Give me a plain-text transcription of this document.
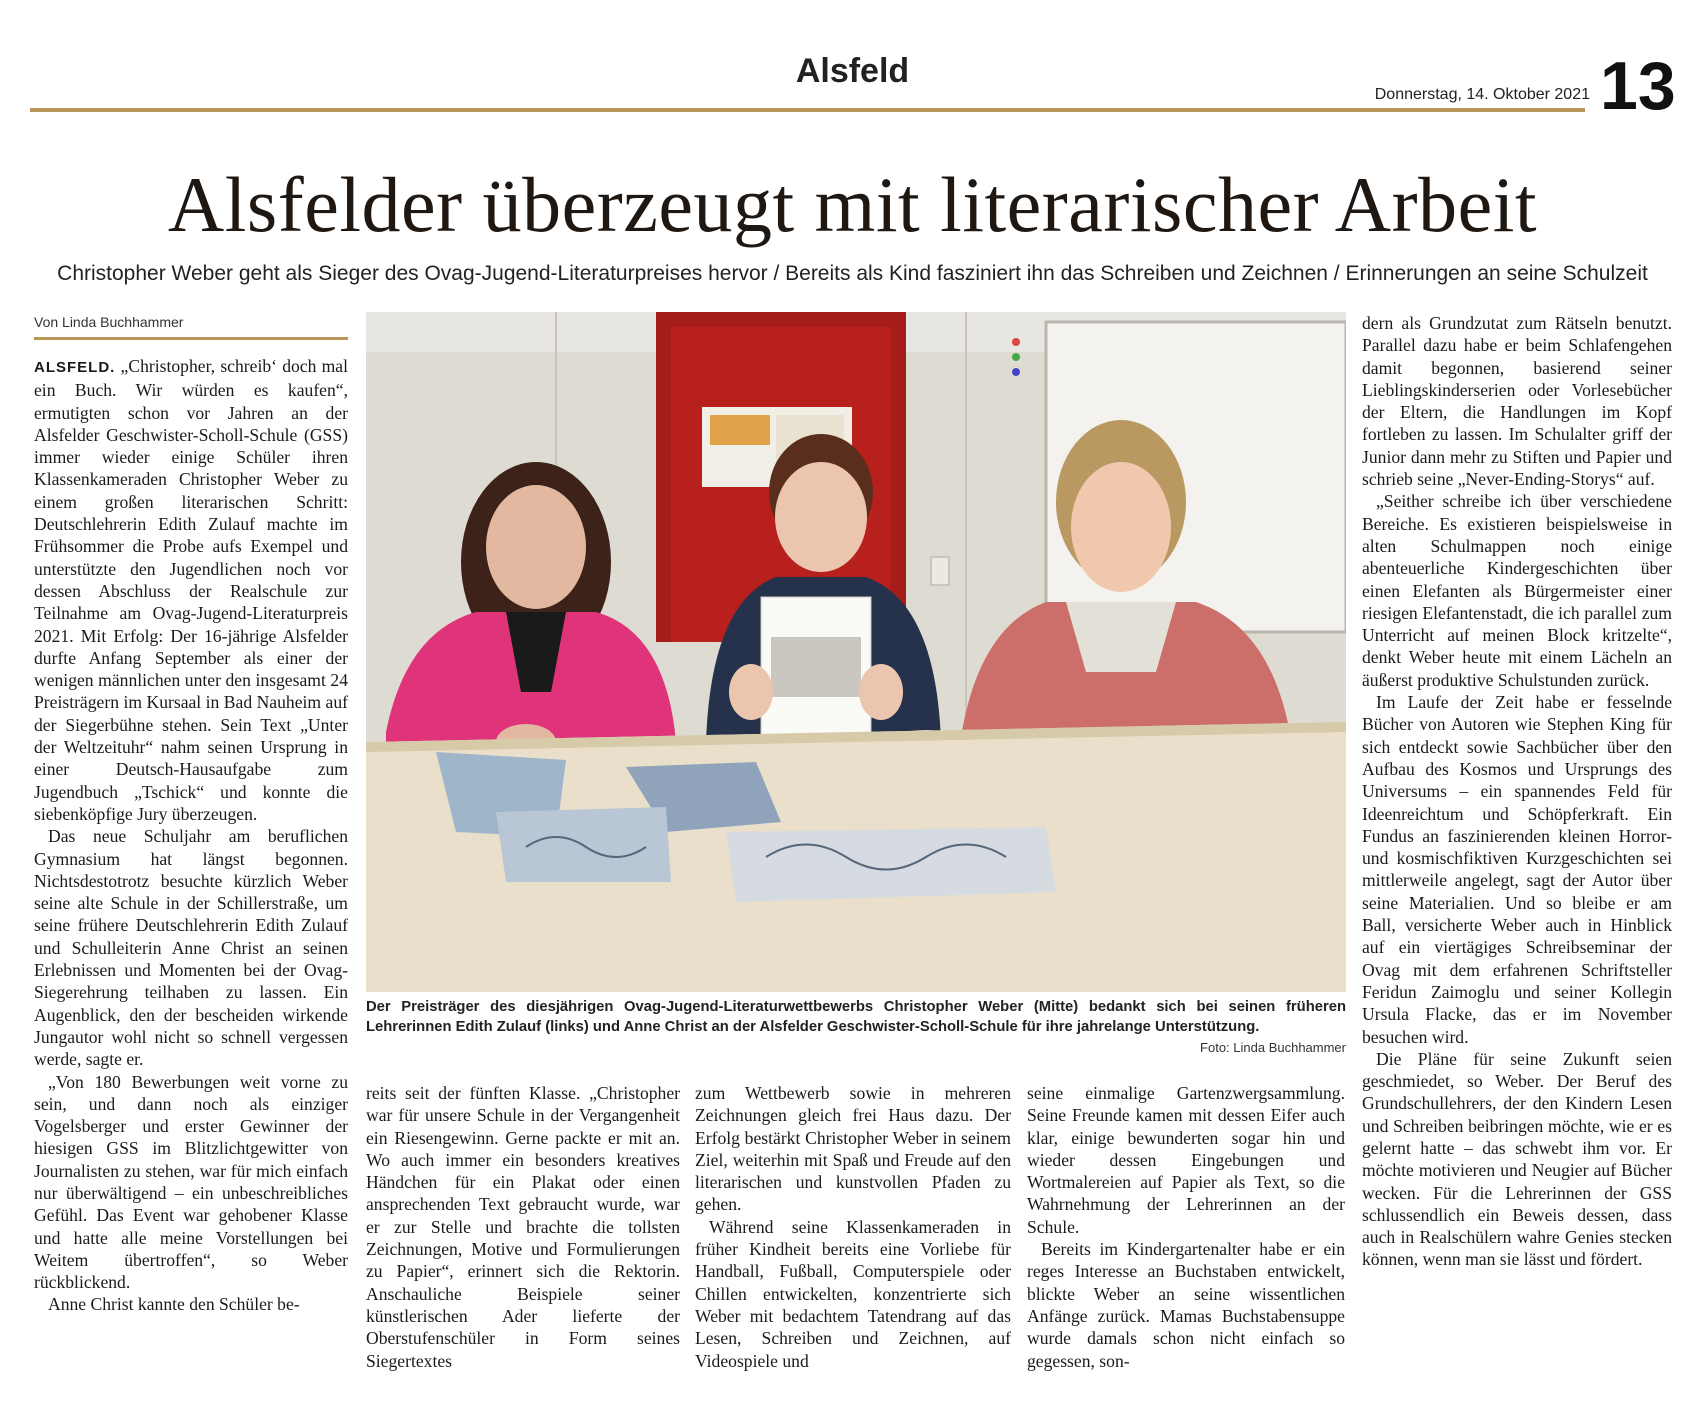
Alsfeld
Donnerstag, 14. Oktober 2021 13
Alsfelder überzeugt mit literarischer Arbeit
Christopher Weber geht als Sieger des Ovag-Jugend-Literaturpreises hervor / Bereits als Kind fasziniert ihn das Schreiben und Zeichnen / Erinnerungen an seine Schulzeit
Von Linda Buchhammer

ALSFELD. „Christopher, schreib‘ doch mal ein Buch. Wir würden es kaufen“, ermutigten schon vor Jahren an der Alsfelder Geschwister-Scholl-Schule (GSS) immer wieder einige Schüler ihren Klassenkameraden Christopher Weber zu einem großen literarischen Schritt: Deutschlehrerin Edith Zulauf machte im Frühsommer die Probe aufs Exempel und unterstützte den Jugendlichen noch vor dessen Abschluss der Realschule zur Teilnahme am Ovag-Jugend-Literaturpreis 2021. Mit Erfolg: Der 16-jährige Alsfelder durfte Anfang September als einer der wenigen männlichen unter den insgesamt 24 Preisträgern im Kursaal in Bad Nauheim auf der Siegerbühne stehen. Sein Text „Unter der Weltzeituhr“ nahm seinen Ursprung in einer Deutsch-Hausaufgabe zum Jugendbuch „Tschick“ und konnte die siebenköpfige Jury überzeugen.

Das neue Schuljahr am beruflichen Gymnasium hat längst begonnen. Nichtsdestotrotz besuchte kürzlich Weber seine alte Schule in der Schillerstraße, um seine frühere Deutschlehrerin Edith Zulauf und Schulleiterin Anne Christ an seinen Erlebnissen und Momenten bei der Ovag-Siegerehrung teilhaben zu lassen. Ein Augenblick, den der bescheiden wirkende Jungautor wohl nicht so schnell vergessen werde, sagte er.

„Von 180 Bewerbungen weit vorne zu sein, und dann noch als einziger Vogelsberger und erster Gewinner der hiesigen GSS im Blitzlichtgewitter von Journalisten zu stehen, war für mich einfach nur überwältigend – ein unbeschreibliches Gefühl. Das Event war gehobener Klasse und hatte alle meine Vorstellungen bei Weitem übertroffen“, so Weber rückblickend.

Anne Christ kannte den Schüler be-

Der Preisträger des diesjährigen Ovag-Jugend-Literaturwettbewerbs Christopher Weber (Mitte) bedankt sich bei seinen früheren Lehrerinnen Edith Zulauf (links) und Anne Christ an der Alsfelder Geschwister-Scholl-Schule für ihre jahrelange Unterstützung.
Foto: Linda Buchhammer

reits seit der fünften Klasse. „Christopher war für unsere Schule in der Vergangenheit ein Riesengewinn. Gerne packte er mit an. Wo auch immer ein besonders kreatives Händchen für ein Plakat oder einen ansprechenden Text gebraucht wurde, war er zur Stelle und brachte die tollsten Zeichnungen, Motive und Formulierungen zu Papier“, erinnert sich die Rektorin. Anschauliche Beispiele seiner künstlerischen Ader lieferte der Oberstufenschüler in Form seines Siegertextes

zum Wettbewerb sowie in mehreren Zeichnungen gleich frei Haus dazu. Der Erfolg bestärkt Christopher Weber in seinem Ziel, weiterhin mit Spaß und Freude auf den literarischen und kunstvollen Pfaden zu gehen.

Während seine Klassenkameraden in früher Kindheit bereits eine Vorliebe für Handball, Fußball, Computerspiele oder Chillen entwickelten, konzentrierte sich Weber mit bedachtem Tatendrang auf das Lesen, Schreiben und Zeichnen, auf Videospiele und

seine einmalige Gartenzwergsammlung. Seine Freunde kamen mit dessen Eifer auch klar, einige bewunderten sogar hin und wieder dessen Eingebungen und Wortmalereien auf Papier als Text, so die Wahrnehmung der Lehrerinnen an der Schule.

Bereits im Kindergartenalter habe er ein reges Interesse an Buchstaben entwickelt, blickte Weber an seine wissentlichen Anfänge zurück. Mamas Buchstabensuppe wurde damals schon nicht einfach so gegessen, son-

dern als Grundzutat zum Rätseln benutzt. Parallel dazu habe er beim Schlafengehen damit begonnen, basierend seiner Lieblingskinderserien oder Vorlesebücher der Eltern, die Handlungen im Kopf fortleben zu lassen. Im Schulalter griff der Junior dann mehr zu Stiften und Papier und schrieb seine „Never-Ending-Storys“ auf.

„Seither schreibe ich über verschiedene Bereiche. Es existieren beispielsweise in alten Schulmappen noch einige abenteuerliche Kindergeschichten über einen Elefanten als Bürgermeister einer riesigen Elefantenstadt, die ich parallel zum Unterricht auf meinen Block kritzelte“, denkt Weber heute mit einem Lächeln an äußerst produktive Schulstunden zurück.

Im Laufe der Zeit habe er fesselnde Bücher von Autoren wie Stephen King für sich entdeckt sowie Sachbücher über den Aufbau des Kosmos und Ursprungs des Universums – ein spannendes Feld für Ideenreichtum und Schöpferkraft. Ein Fundus an faszinierenden kleinen Horror- und kosmischfiktiven Kurzgeschichten sei mittlerweile angelegt, sagt der Autor über seine Materialien. Und so bleibe er am Ball, versicherte Weber auch in Hinblick auf ein viertägiges Schreibseminar der Ovag mit dem erfahrenen Schriftsteller Feridun Zaimoglu und seiner Kollegin Ursula Flacke, das er im November besuchen wird.

Die Pläne für seine Zukunft seien geschmiedet, so Weber. Der Beruf des Grundschullehrers, der den Kindern Lesen und Schreiben beibringen möchte, wie er es gelernt hatte – das schwebt ihm vor. Er möchte motivieren und Neugier auf Bücher wecken. Für die Lehrerinnen der GSS schlussendlich ein Beweis dessen, dass auch in Realschülern wahre Genies stecken können, wenn man sie lässt und fördert.
